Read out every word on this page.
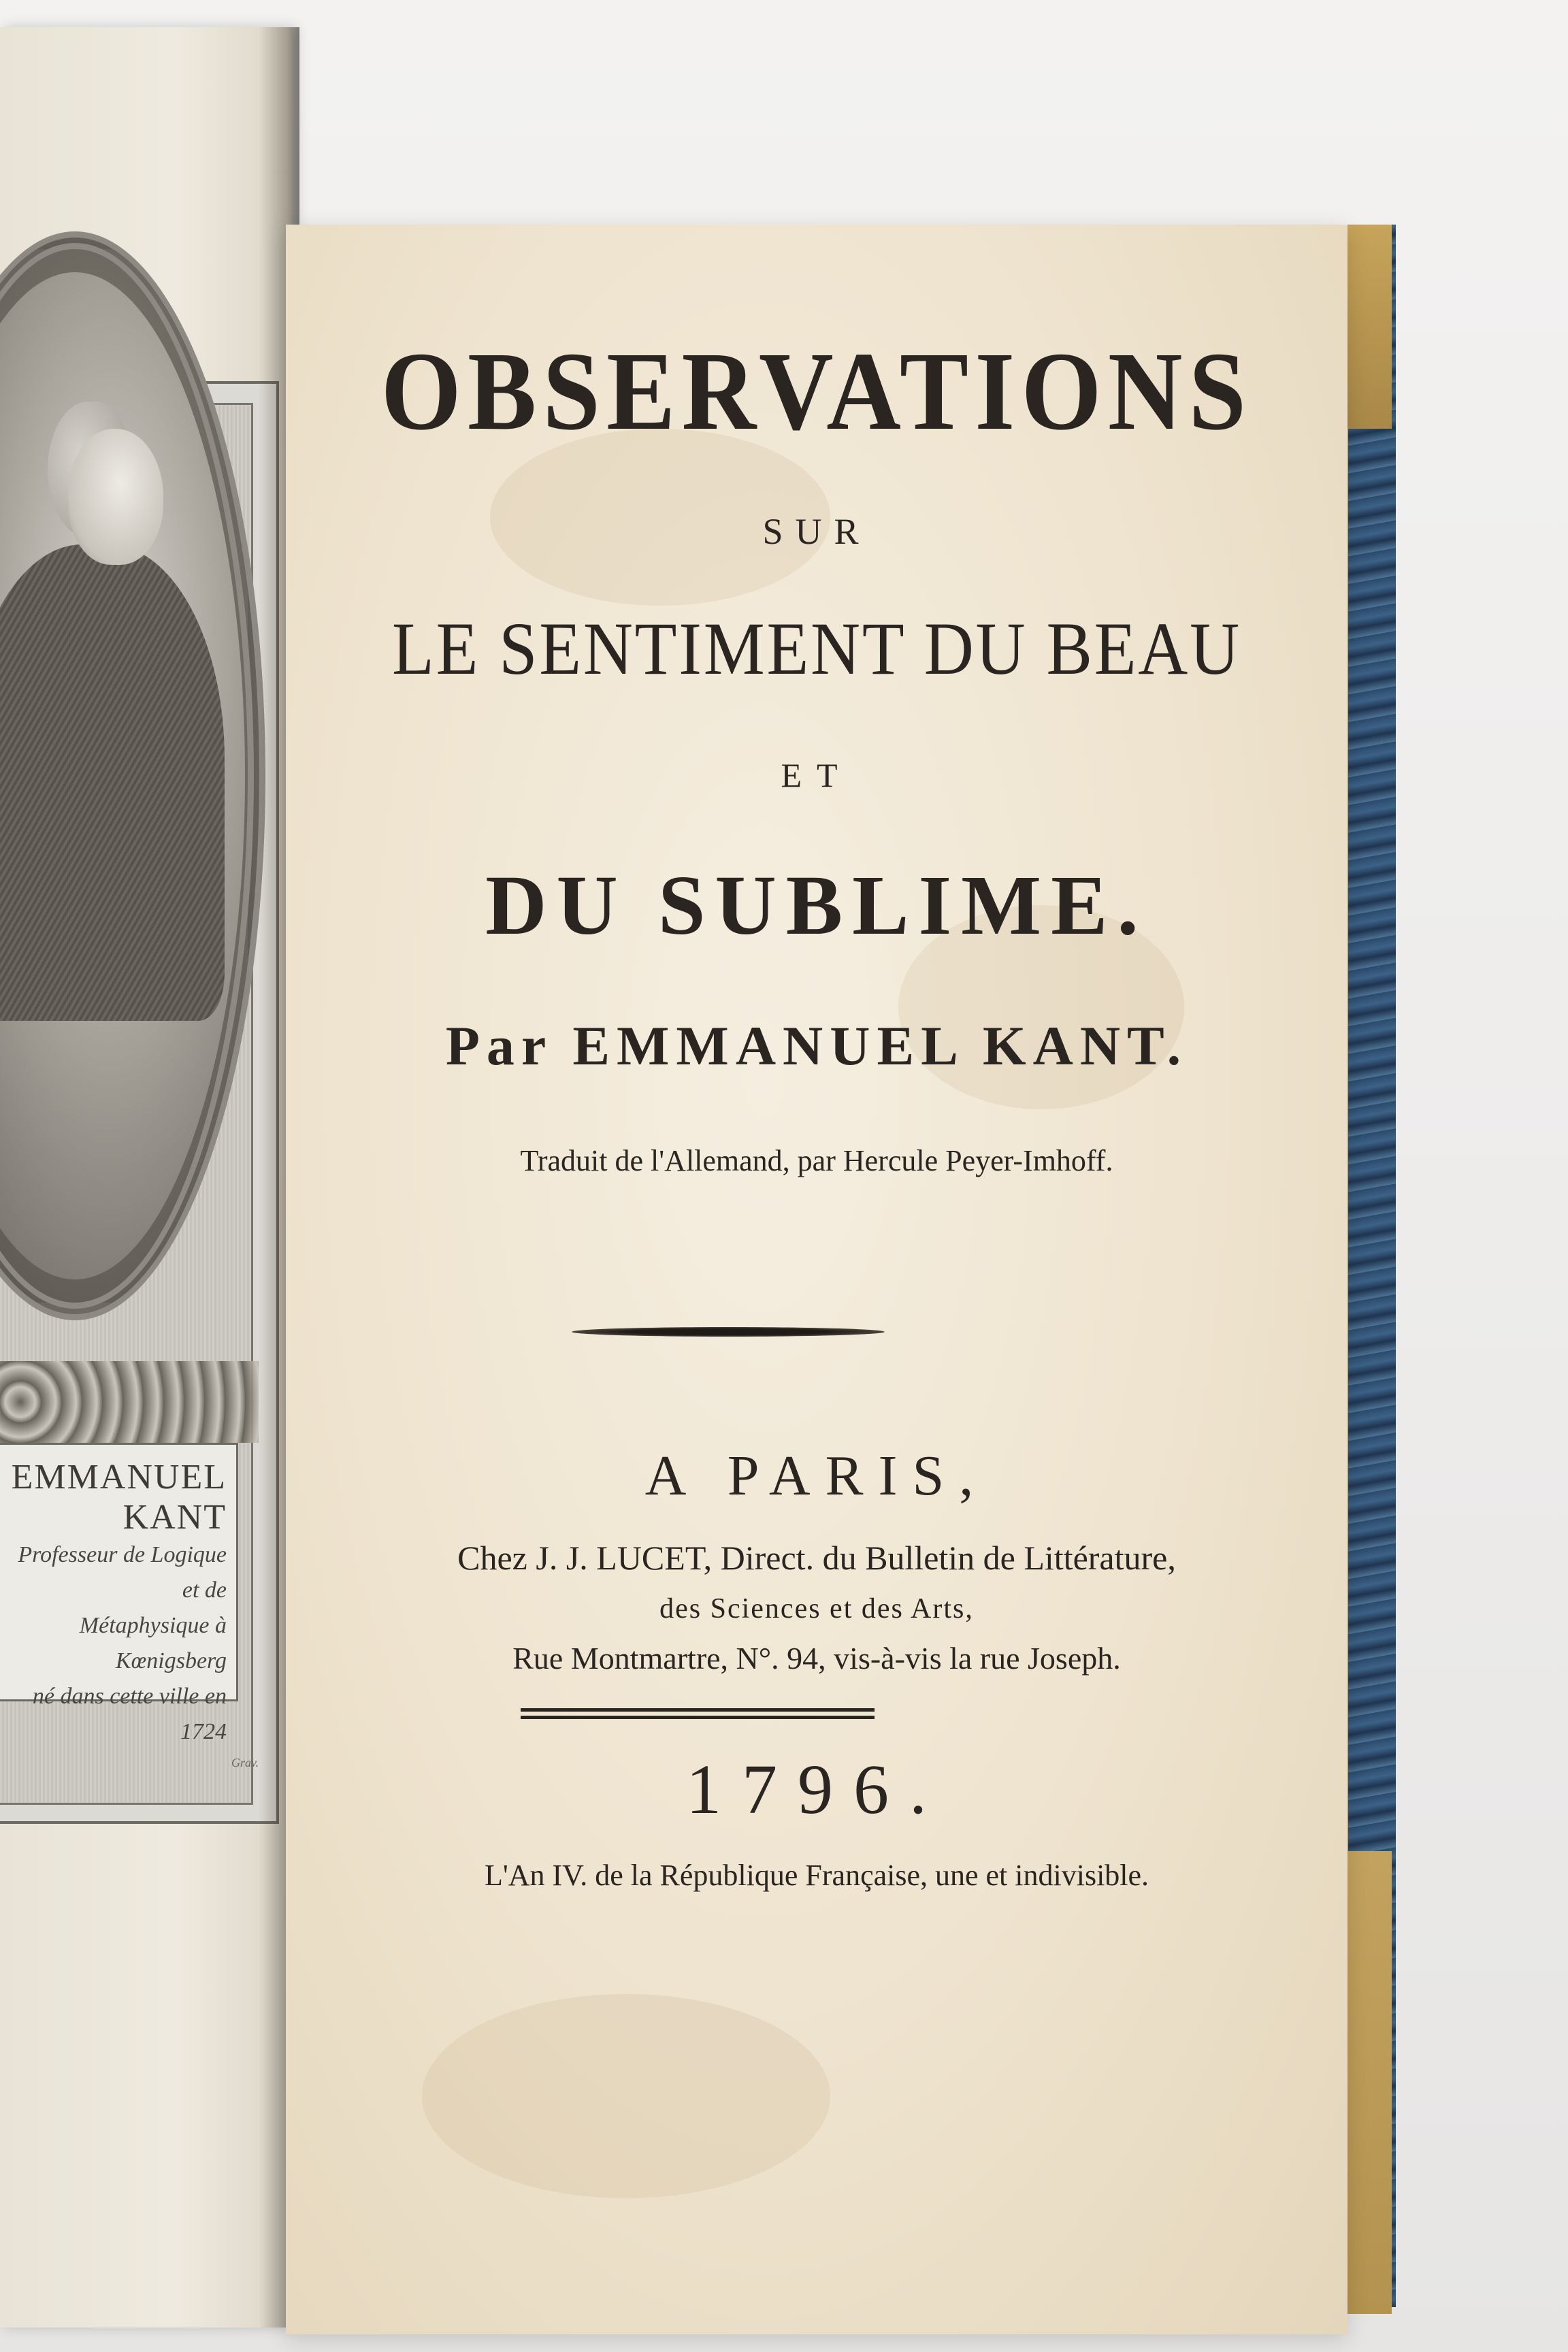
EMMANUEL KANT
Professeur de Logique et de
Métaphysique à Kœnigsberg
né dans cette ville en 1724
Grav.
OBSERVATIONS
SUR
LE SENTIMENT DU BEAU
ET
DU SUBLIME.
Par EMMANUEL KANT.
Traduit de l'Allemand, par Hercule Peyer-Imhoff.
A PARIS,
Chez J. J. LUCET, Direct. du Bulletin de Littérature,
des Sciences et des Arts,
Rue Montmartre, N°. 94, vis-à-vis la rue Joseph.
1796.
L'An IV. de la République Française, une et indivisible.
